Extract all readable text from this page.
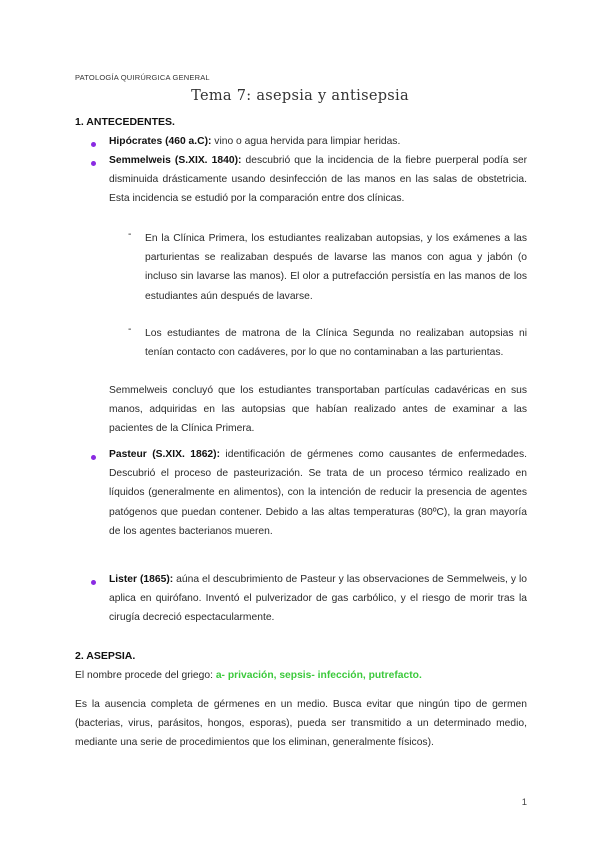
PATOLOGÍA QUIRÚRGICA GENERAL
Tema 7: asepsia y antisepsia
1. ANTECEDENTES.
Hipócrates (460 a.C): vino o agua hervida para limpiar heridas.
Semmelweis (S.XIX. 1840): descubrió que la incidencia de la fiebre puerperal podía ser disminuida drásticamente usando desinfección de las manos en las salas de obstetricia. Esta incidencia se estudió por la comparación entre dos clínicas.
- En la Clínica Primera, los estudiantes realizaban autopsias, y los exámenes a las parturientas se realizaban después de lavarse las manos con agua y jabón (o incluso sin lavarse las manos). El olor a putrefacción persistía en las manos de los estudiantes aún después de lavarse.
- Los estudiantes de matrona de la Clínica Segunda no realizaban autopsias ni tenían contacto con cadáveres, por lo que no contaminaban a las parturientas.
Semmelweis concluyó que los estudiantes transportaban partículas cadavéricas en sus manos, adquiridas en las autopsias que habían realizado antes de examinar a las pacientes de la Clínica Primera.
Pasteur (S.XIX. 1862): identificación de gérmenes como causantes de enfermedades. Descubrió el proceso de pasteurización. Se trata de un proceso térmico realizado en líquidos (generalmente en alimentos), con la intención de reducir la presencia de agentes patógenos que puedan contener. Debido a las altas temperaturas (80ºC), la gran mayoría de los agentes bacterianos mueren.
Lister (1865): aúna el descubrimiento de Pasteur y las observaciones de Semmelweis, y lo aplica en quirófano. Inventó el pulverizador de gas carbólico, y el riesgo de morir tras la cirugía decreció espectacularmente.
2. ASEPSIA.
El nombre procede del griego: a- privación, sepsis- infección, putrefacto.
Es la ausencia completa de gérmenes en un medio. Busca evitar que ningún tipo de germen (bacterias, virus, parásitos, hongos, esporas), pueda ser transmitido a un determinado medio, mediante una serie de procedimientos que los eliminan, generalmente físicos).
1
